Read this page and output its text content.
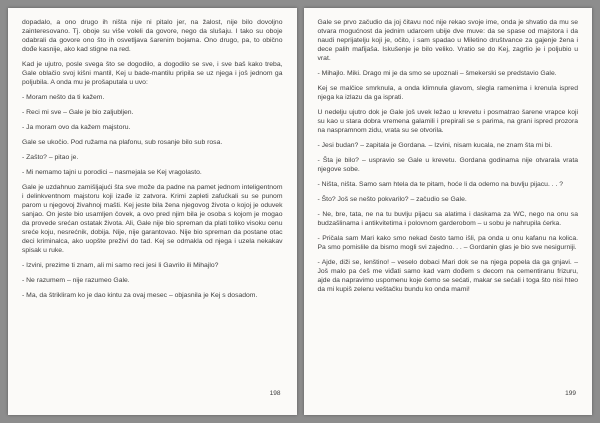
dopadalo, a ono drugo ih ništa nije ni pitalo jer, na žalost, nije bilo dovoljno zainteresovano. Tj. oboje su više voleli da govore, nego da slušaju. I tako su oboje odabrali da govore ono što ih osvetljava šarenim bojama. Ono drugo, pa, to obično dođe kasnije, ako kad stigne na red.

Kad je ujutro, posle svega što se dogodilo, a dogodilo se sve, i sve baš kako treba, Gale oblačio svoj kišni mantil, Kej u bade-mantilu pripila se uz njega i još jednom ga poljubila. A onda mu je prošaputala u uvo:

- Moram nešto da ti kažem.

- Reci mi sve – Gale je bio zaljubljen.

- Ja moram ovo da kažem majstoru.

Gale se ukočio. Pod ružama na plafonu, sub rosanje bilo sub rosa.

- Zašto? – pitao je.

- Mi nemamo tajni u porodici – nasmejala se Kej vragolasto.

Gale je uzdahnuo zamišljajući šta sve može da padne na pamet jednom inteligentnom i delinkventnom majstoru koji izađe iz zatvora. Krimi zapleti zafućkali su se punom parom u njegovoj živahnoj mašti. Kej jeste bila žena njegovog života o kojoj je oduvek sanjao. On jeste bio usamljen čovek, a ovo pred njim bila je osoba s kojom je mogao da provede srećan ostatak života. Ali, Gale nije bio spreman da plati toliko visoku cenu sreće koju, nesrećnik, dobija. Nije, nije garantovao. Nije bio spreman da postane otac deci kriminalca, ako uopšte preživi do tad. Kej se odmakla od njega i uzela nekakav spisak u ruke.

- Izvini, prezime ti znam, ali mi samo reci jesi li Gavrilo ili Mihajlo?

- Ne razumem – nije razumeo Gale.

- Ma, da štrikliram ko je dao kintu za ovaj mesec – objasnila je Kej s dosadom.

198

Gale se prvo začudio da joj čitavu noć nije rekao svoje ime, onda je shvatio da mu se otvara mogućnost da jednim udarcem ubije dve muve: da se spase od majstora i da naudi neprijatelju koji je, očito, i sam spadao u Miletino društvance za gajenje žena i dece palih mafijaša. Iskušenje je bilo veliko. Vratio se do Kej, zagrlio je i poljubio u vrat.

- Mihajlo. Miki. Drago mi je da smo se upoznali – šmekerski se predstavio Gale.

Kej se malčice smrknula, a onda klimnula glavom, slegla ramenima i krenula ispred njega ka izlazu da ga isprati.

U nedelju ujutro dok je Gale još uvek ležao u krevetu i posmatrao šarene vrapce koji su kao u stara dobra vremena galamili i prepirali se s parima, na grani ispred prozora na naspramnom zidu, vrata su se otvorila.

- Jesi budan? – zapitala je Gordana. – Izvini, nisam kucala, ne znam šta mi bi.

- Šta je bilo? – uspravio se Gale u krevetu. Gordana godinama nije otvarala vrata njegove sobe.

- Ništa, ništa. Samo sam htela da te pitam, hoće li da odemo na buvlju pijacu. . . ?

- Što? Još se nešto pokvarilo? – začudio se Gale.

- Ne, bre, tata, ne na tu buvlju pijacu sa alatima i daskama za WC, nego na onu sa budzašlinama i antikvitetima i polovnom garderobom – u sobu je nahrupila ćerka.

- Pričala sam Mari kako smo nekad često tamo išli, pa onda u onu kafanu na kolica. Pa smo pomislile da bismo mogli svi zajedno. . . – Gordanin glas je bio sve nesigurniji.

- Ajde, diži se, lenštino! – veselo dobaci Mari dok se na njega popela da ga gnjavi. – Još malo pa ćeš me viđati samo kad vam dođem s decom na cementiranu frizuru, ajde da napravimo uspomenu koje ćemo se sećati, makar se sećali i toga što nisi hteo da mi kupiš zelenu veštačku bundu ko onda mami!

199
